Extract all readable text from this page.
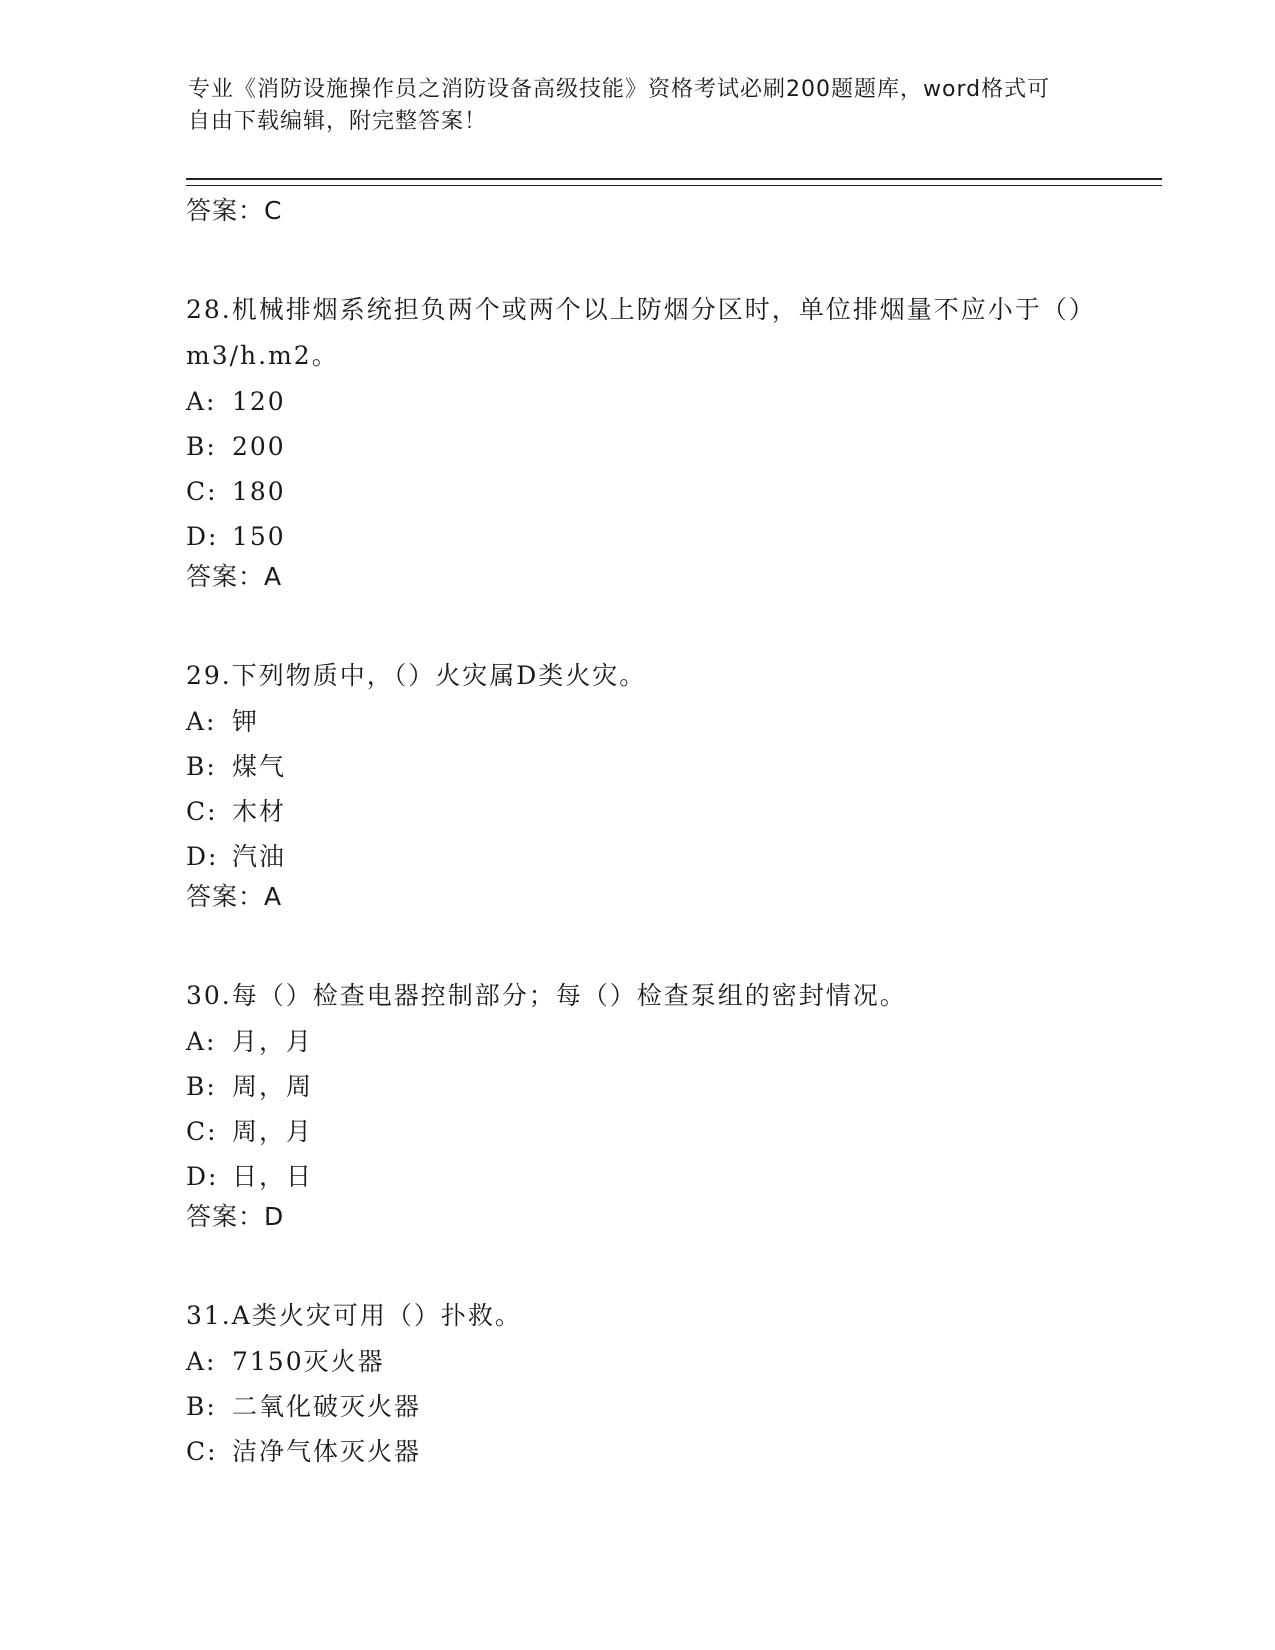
专业《消防设施操作员之消防设备高级技能》资格考试必刷200题题库，word格式可自由下载编辑，附完整答案！
答案：C
28.机械排烟系统担负两个或两个以上防烟分区时，单位排烟量不应小于（）m3/h.m2。
A: 120
B: 200
C: 180
D: 150
答案：A
29.下列物质中，（）火灾属D类火灾。
A: 钾
B: 煤气
C: 木材
D: 汽油
答案：A
30.每（）检查电器控制部分；每（）检查泵组的密封情况。
A: 月，月
B: 周，周
C: 周，月
D: 日，日
答案：D
31.A类火灾可用（）扑救。
A: 7150灭火器
B: 二氧化破灭火器
C: 洁净气体灭火器
